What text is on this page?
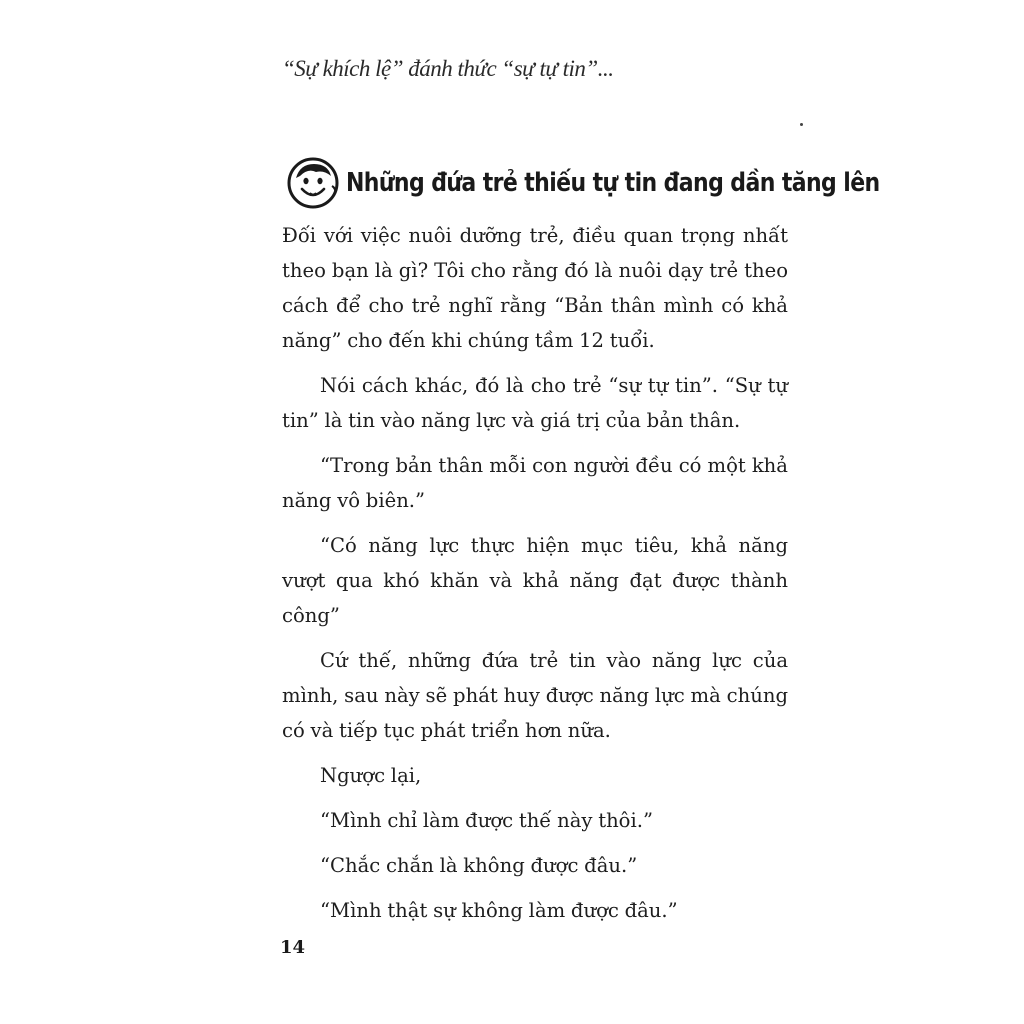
“Sự khích lệ” đánh thức “sự tự tin”...
Những đứa trẻ thiếu tự tin đang dần tăng lên

Đối với việc nuôi dưỡng trẻ, điều quan trọng nhất theo bạn là gì? Tôi cho rằng đó là nuôi dạy trẻ theo cách để cho trẻ nghĩ rằng “Bản thân mình có khả năng” cho đến khi chúng tầm 12 tuổi.

Nói cách khác, đó là cho trẻ “sự tự tin”. “Sự tự tin” là tin vào năng lực và giá trị của bản thân.

“Trong bản thân mỗi con người đều có một khả năng vô biên.”

“Có năng lực thực hiện mục tiêu, khả năng vượt qua khó khăn và khả năng đạt được thành công”

Cứ thế, những đứa trẻ tin vào năng lực của mình, sau này sẽ phát huy được năng lực mà chúng có và tiếp tục phát triển hơn nữa.

Ngược lại,

“Mình chỉ làm được thế này thôi.”

“Chắc chắn là không được đâu.”

“Mình thật sự không làm được đâu.”

14
